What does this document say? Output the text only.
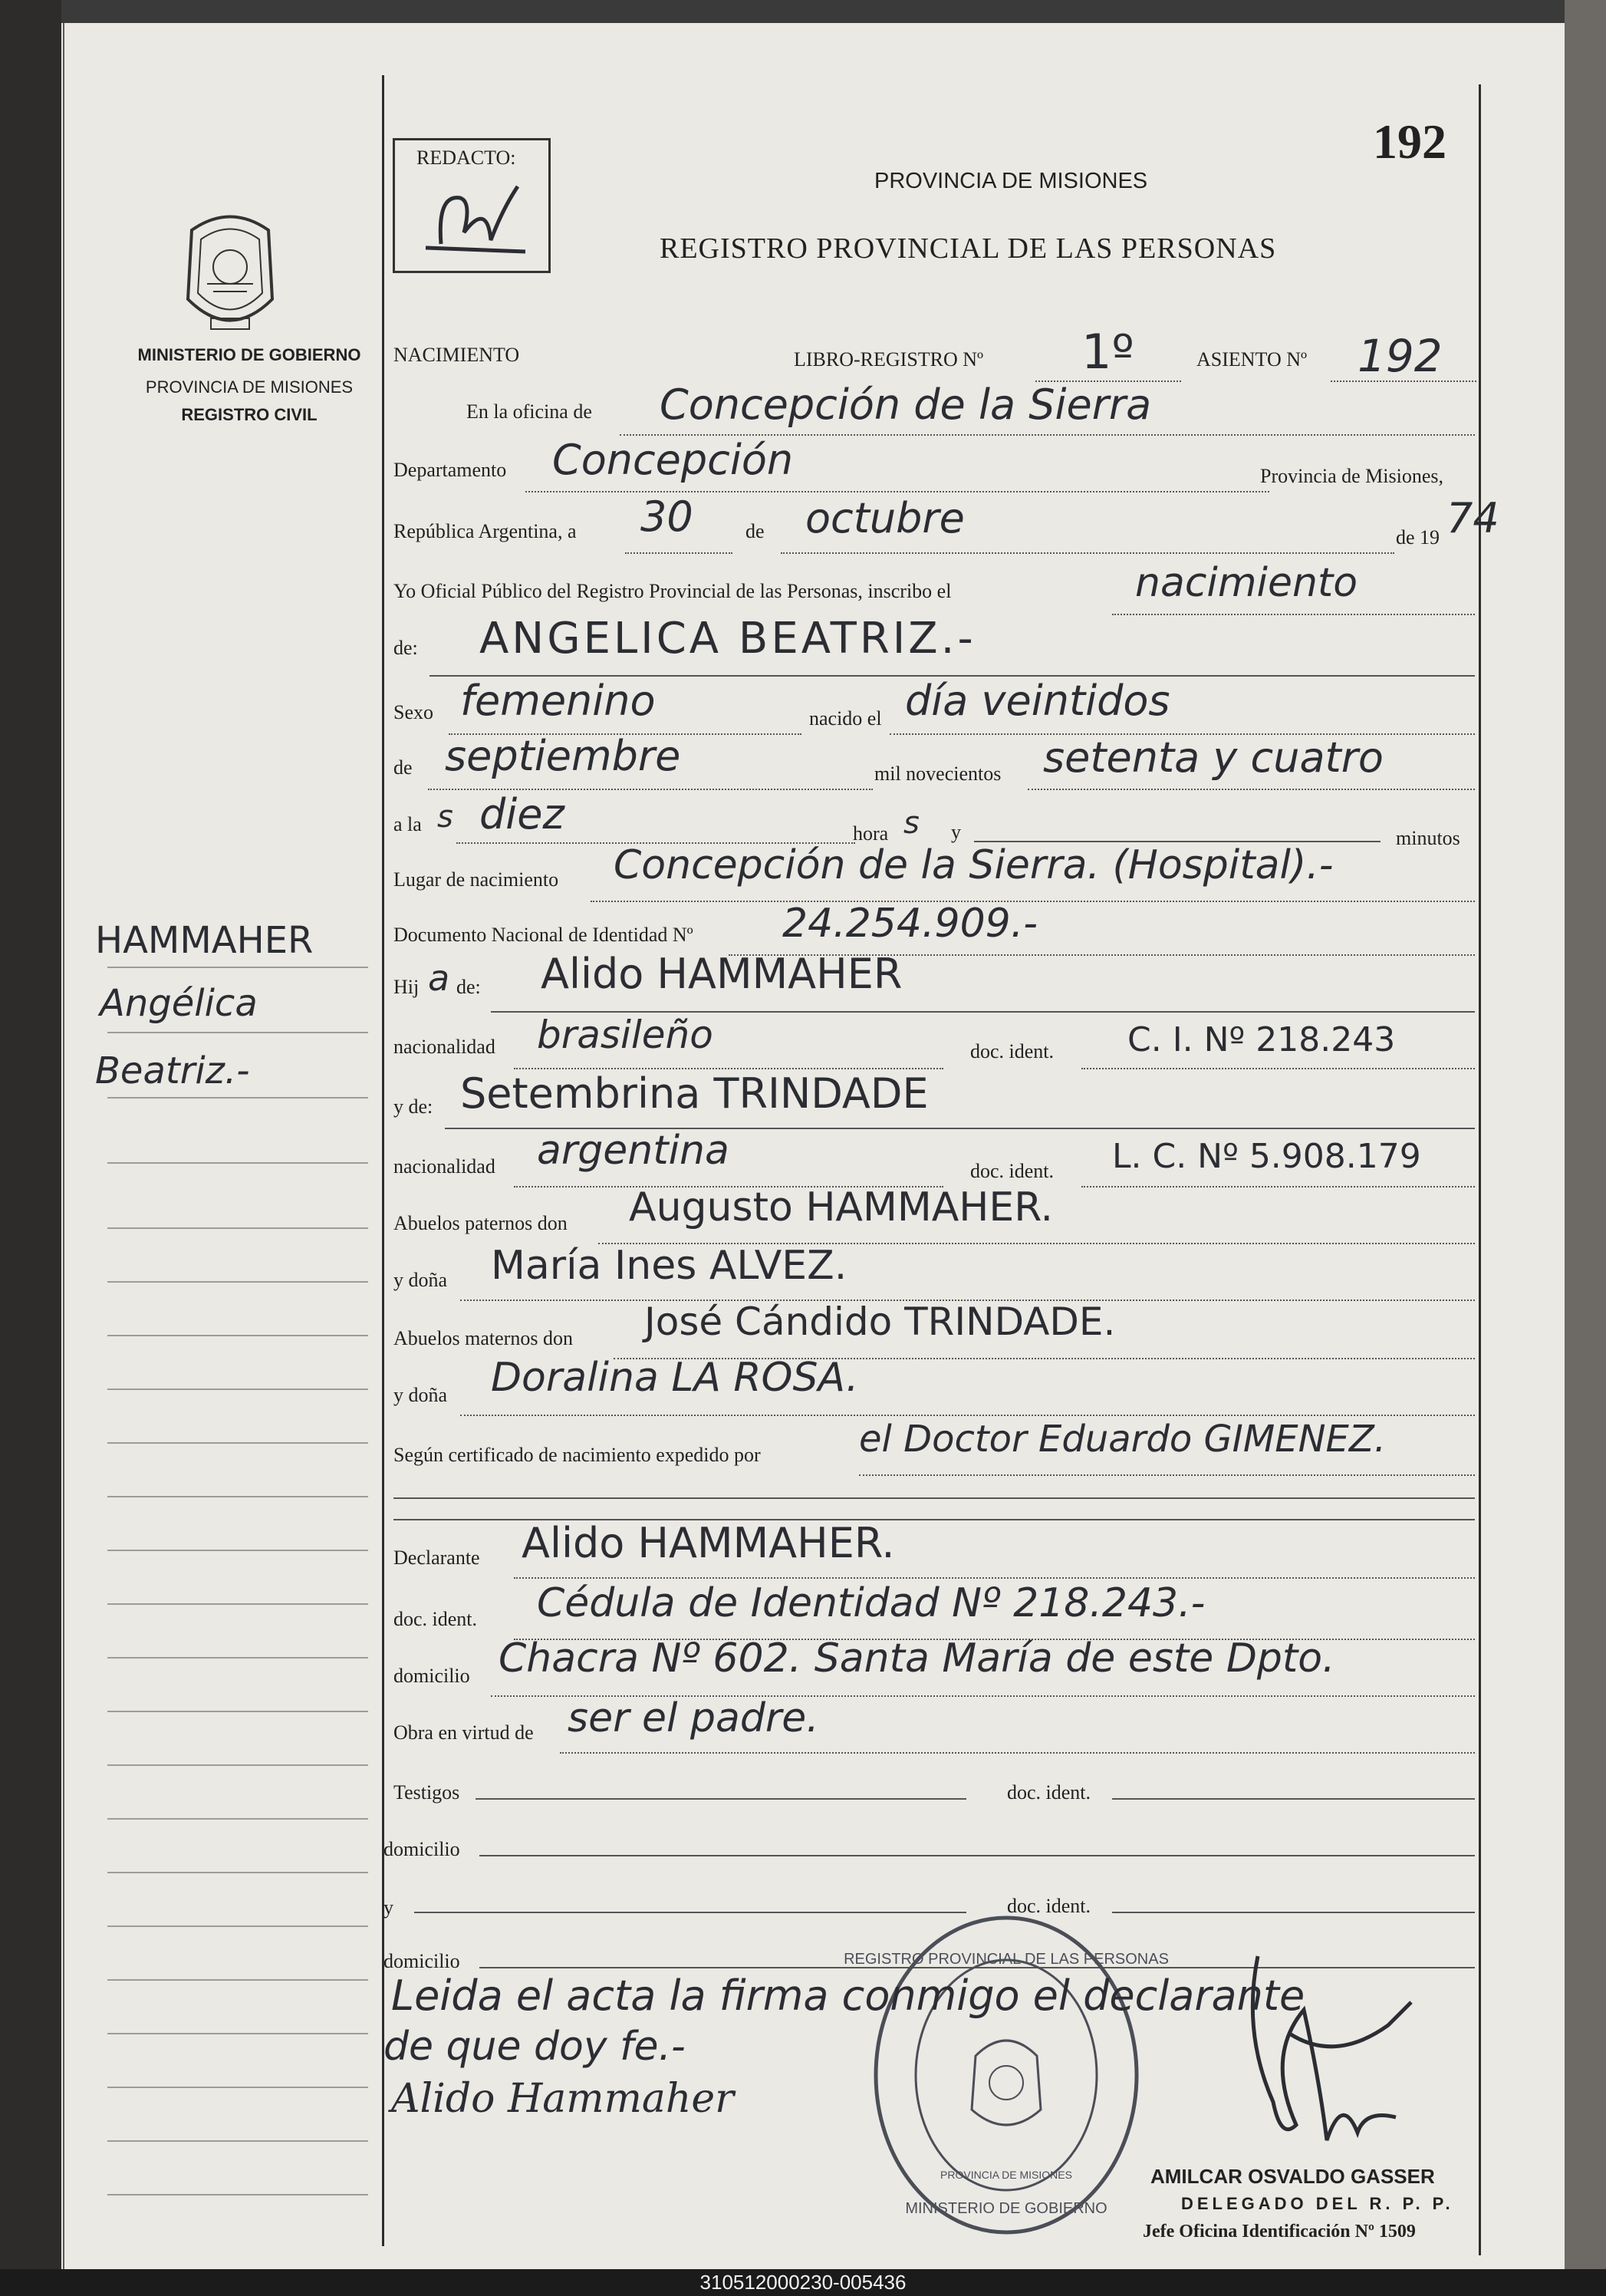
MINISTERIO DE GOBIERNO
PROVINCIA DE MISIONES
REGISTRO CIVIL
HAMMAHER
Angélica
Beatriz.-
REDACTO:	192
PROVINCIA DE MISIONES
REGISTRO PROVINCIAL DE LAS PERSONAS
NACIMIENTO	LIBRO-REGISTRO Nº 1º	ASIENTO Nº 192
En la oficina de Concepción de la Sierra
Departamento Concepción	Provincia de Misiones,
República Argentina, a 30	de octubre	de 19 74
Yo Oficial Público del Registro Provincial de las Personas, inscribo el	nacimiento
de: ANGELICA BEATRIZ.-
Sexo femenino	nacido el día veintidos
de septiembre	mil novecientos setenta y cuatro
a la s diez	hora s y	minutos
Lugar de nacimiento Concepción de la Sierra. (Hospital).-
Documento Nacional de Identidad Nº 24.254.909.-
Hij a de: Alido HAMMAHER
nacionalidad brasileño	doc. ident. C. I. Nº 218.243
y de: Setembrina TRINDADE
nacionalidad argentina	doc. ident. L. C. Nº 5.908.179
Abuelos paternos don Augusto HAMMAHER.
y doña María Ines ALVEZ.
Abuelos maternos don José Cándido TRINDADE.
y doña Doralina LA ROSA.
Según certificado de nacimiento expedido por	el Doctor Eduardo GIMENEZ.
Declarante Alido HAMMAHER.
doc. ident. Cédula de Identidad Nº 218.243.-
domicilio Chacra Nº 602. Santa María de este Dpto.
Obra en virtud de ser el padre.
Testigos	doc. ident.
domicilio
y	doc. ident.
domicilio	REGISTRO PROVINCIAL DE LAS PERSONAS
PROVINCIA DE MISIONES
MINISTERIO DE GOBIERNO
Leida el acta la firma conmigo el declarante
de que doy fe.-
Alido Hammaher
AMILCAR OSVALDO GASSER
DELEGADO DEL R. P. P.
Jefe Oficina Identificación Nº 1509
310512000230-005436
